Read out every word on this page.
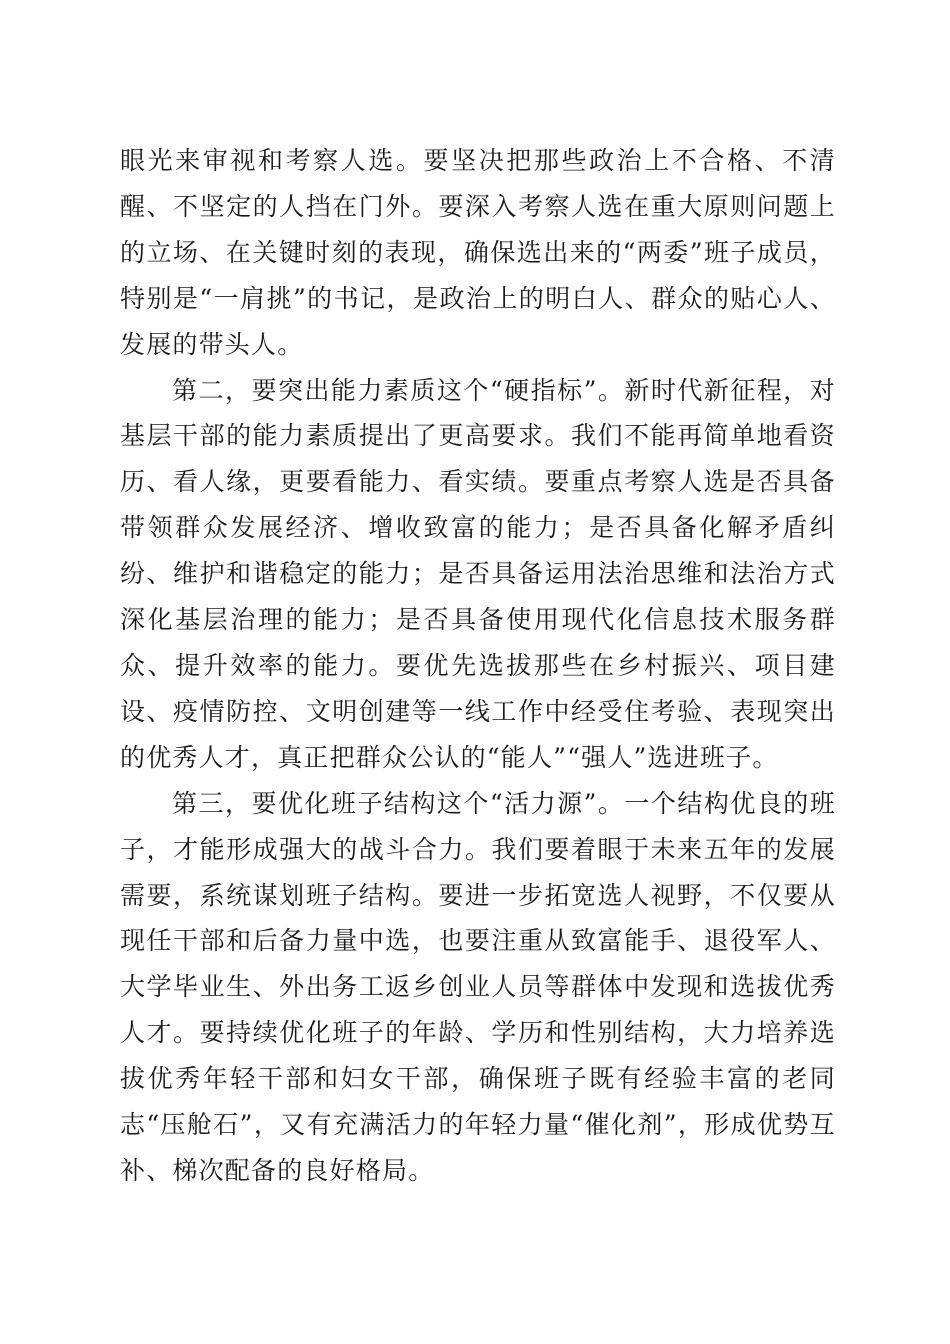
眼光来审视和考察人选。要坚决把那些政治上不合格、不清醒、不坚定的人挡在门外。要深入考察人选在重大原则问题上的立场、在关键时刻的表现，确保选出来的“两委”班子成员，特别是“一肩挑”的书记，是政治上的明白人、群众的贴心人、发展的带头人。

第二，要突出能力素质这个“硬指标”。新时代新征程，对基层干部的能力素质提出了更高要求。我们不能再简单地看资历、看人缘，更要看能力、看实绩。要重点考察人选是否具备带领群众发展经济、增收致富的能力；是否具备化解矛盾纠纷、维护和谐稳定的能力；是否具备运用法治思维和法治方式深化基层治理的能力；是否具备使用现代化信息技术服务群众、提升效率的能力。要优先选拔那些在乡村振兴、项目建设、疫情防控、文明创建等一线工作中经受住考验、表现突出的优秀人才，真正把群众公认的“能人”“强人”选进班子。

第三，要优化班子结构这个“活力源”。一个结构优良的班子，才能形成强大的战斗合力。我们要着眼于未来五年的发展需要，系统谋划班子结构。要进一步拓宽选人视野，不仅要从现任干部和后备力量中选，也要注重从致富能手、退役军人、大学毕业生、外出务工返乡创业人员等群体中发现和选拔优秀人才。要持续优化班子的年龄、学历和性别结构，大力培养选拔优秀年轻干部和妇女干部，确保班子既有经验丰富的老同志“压舱石”，又有充满活力的年轻力量“催化剂”，形成优势互补、梯次配备的良好格局。
